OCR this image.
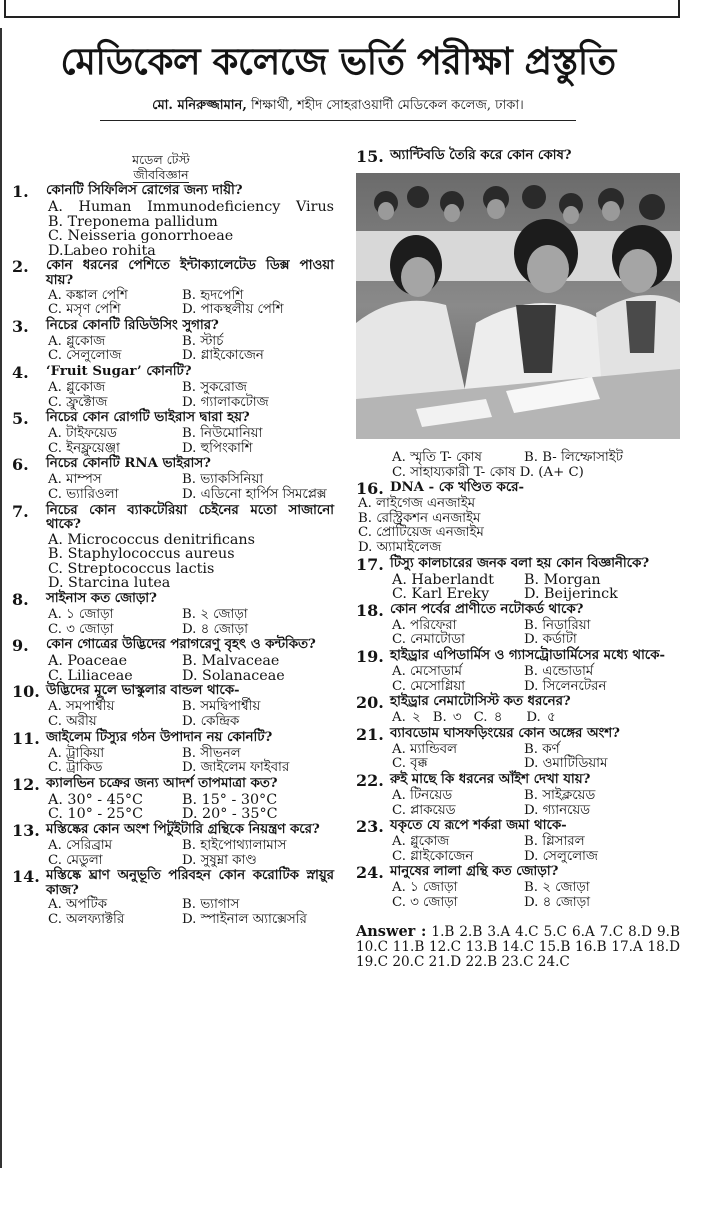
মেডিকেল কলেজে ভর্তি পরীক্ষা প্রস্তুতি
মো. মনিরুজ্জামান, শিক্ষার্থী, শহীদ সোহরাওয়ার্দী মেডিকেল কলেজ, ঢাকা।
মডেল টেস্ট
জীববিজ্ঞান
1.	কোনটি সিফিলিস রোগের জন্য দায়ী?
A. Human Immunodeficiency Virus
B. Treponema pallidum
C. Neisseria gonorrhoeae
D.Labeo rohita
2.	কোন ধরনের পেশিতে ইন্টাক্যালেটেড ডিক্স পাওয়া যায়?
A. কঙ্কাল পেশি	B. হৃদপেশি
C. মসৃণ পেশি	D. পাকস্থলীয় পেশি
3.	নিচের কোনটি রিডিউসিং সুগার?
A. গ্লুকোজ	B. স্টার্চ
C. সেলুলোজ	D. গ্লাইকোজেন
4.	‘Fruit Sugar’ কোনটি?
A. গ্লুকোজ	B. সুকরোজ
C. ফ্রুক্টোজ	D. গ্যালাকটোজ
5.	নিচের কোন রোগটি ভাইরাস দ্বারা হয়?
A. টাইফয়েড	B. নিউমোনিয়া
C. ইনফ্লুয়েঞ্জা	D. হুপিংকাশি
6.	নিচের কোনটি RNA ভাইরাস?
A. মাম্পস	B. ভ্যাকসিনিয়া
C. ভ্যারিওলা	D. এডিনো হার্পিস সিমপ্লেক্স
7.	নিচের কোন ব্যাকটেরিয়া চেইনের মতো সাজানো থাকে?
A. Micrococcus denitrificans
B. Staphylococcus aureus
C. Streptococcus lactis
D. Starcina lutea
8.	সাইনাস কত জোড়া?
A. ১ জোড়া	B. ২ জোড়া
C. ৩ জোড়া	D. ৪ জোড়া
9.	কোন গোত্রের উদ্ভিদের পরাগরেণু বৃহৎ ও কন্টকিত?
A. Poaceae	B. Malvaceae
C. Liliaceae	D. Solanaceae
10. উদ্ভিদের মূলে ভাস্কুলার বান্ডল থাকে-
A. সমপার্শ্বীয়	B. সমদ্বিপার্শ্বীয়
C. অরীয়	D. কেন্দ্রিক
11. জাইলেম টিস্যুর গঠন উপাদান নয় কোনটি?
A. ট্রাকিয়া	B. সীভনল
C. ট্রাকিড	D. জাইলেম ফাইবার
12. ক্যালভিন চক্রের জন্য আদর্শ তাপমাত্রা কত?
A. 30° - 45°C	B. 15° - 30°C
C. 10° - 25°C	D. 20° - 35°C
13. মস্তিষ্কের কোন অংশ পিটুইটারি গ্রন্থিকে নিয়ন্ত্রণ করে?
A. সেরিব্রাম	B. হাইপোথ্যালামাস
C. মেডুলা	D. সুষুম্না কাণ্ড
14. মস্তিষ্কে ঘ্রাণ অনুভূতি পরিবহন কোন করোটিক স্নায়ুর কাজ?
A. অপটিক	B. ভ্যাগাস
C. অলফ্যাক্টরি	D. স্পাইনাল অ্যাক্সেসরি
15. অ্যান্টিবডি তৈরি করে কোন কোষ?
A. স্মৃতি T- কোষ	B. B- লিম্ফোসাইট
C. সাহায্যকারী T- কোষ D. (A+ C)
16. DNA - কে খণ্ডিত করে-
A. লাইগেজ এনজাইম
B. রেস্ট্রিকশন এনজাইম
C. প্রোটিয়েজ এনজাইম
D. অ্যামাইলেজ
17. টিস্যু কালচারের জনক বলা হয় কোন বিজ্ঞানীকে?
A. Haberlandt	B. Morgan
C. Karl Ereky	D. Beijerinck
18. কোন পর্বের প্রাণীতে নটোকর্ড থাকে?
A. পরিফেরা	B. নিডারিয়া
C. নেমাটোডা	D. কর্ডাটা
19. হাইড্রার এপিডার্মিস ও গ্যাসট্রোডার্মিসের মধ্যে থাকে-
A. মেসোডার্ম	B. এন্ডোডার্ম
C. মেসোগ্লিয়া	D. সিলেনটেরন
20. হাইড্রার নেমাটোসিস্ট কত ধরনের?
A. ২ B. ৩ C. ৪ D. ৫
21. ব্যাবডোম ঘাসফড়িংয়ের কোন অঙ্গের অংশ?
A. ম্যান্ডিবল	B. কর্ণ
C. বৃক্ক	D. ওমাটিডিয়াম
22. রুই মাছে কি ধরনের আঁইশ দেখা যায়?
A. টিনয়েড	B. সাইক্লয়েড
C. প্লাকয়েড	D. গ্যানয়েড
23. যকৃতে যে রূপে শর্করা জমা থাকে-
A. গ্লুকোজ	B. গ্লিসারল
C. গ্লাইকোজেন	D. সেলুলোজ
24. মানুষের লালা গ্রন্থি কত জোড়া?
A. ১ জোড়া	B. ২ জোড়া
C. ৩ জোড়া	D. ৪ জোড়া
Answer : 1.B 2.B 3.A 4.C 5.C 6.A 7.C 8.D 9.B 10.C 11.B 12.C 13.B 14.C 15.B 16.B 17.A 18.D 19.C 20.C 21.D 22.B 23.C 24.C
